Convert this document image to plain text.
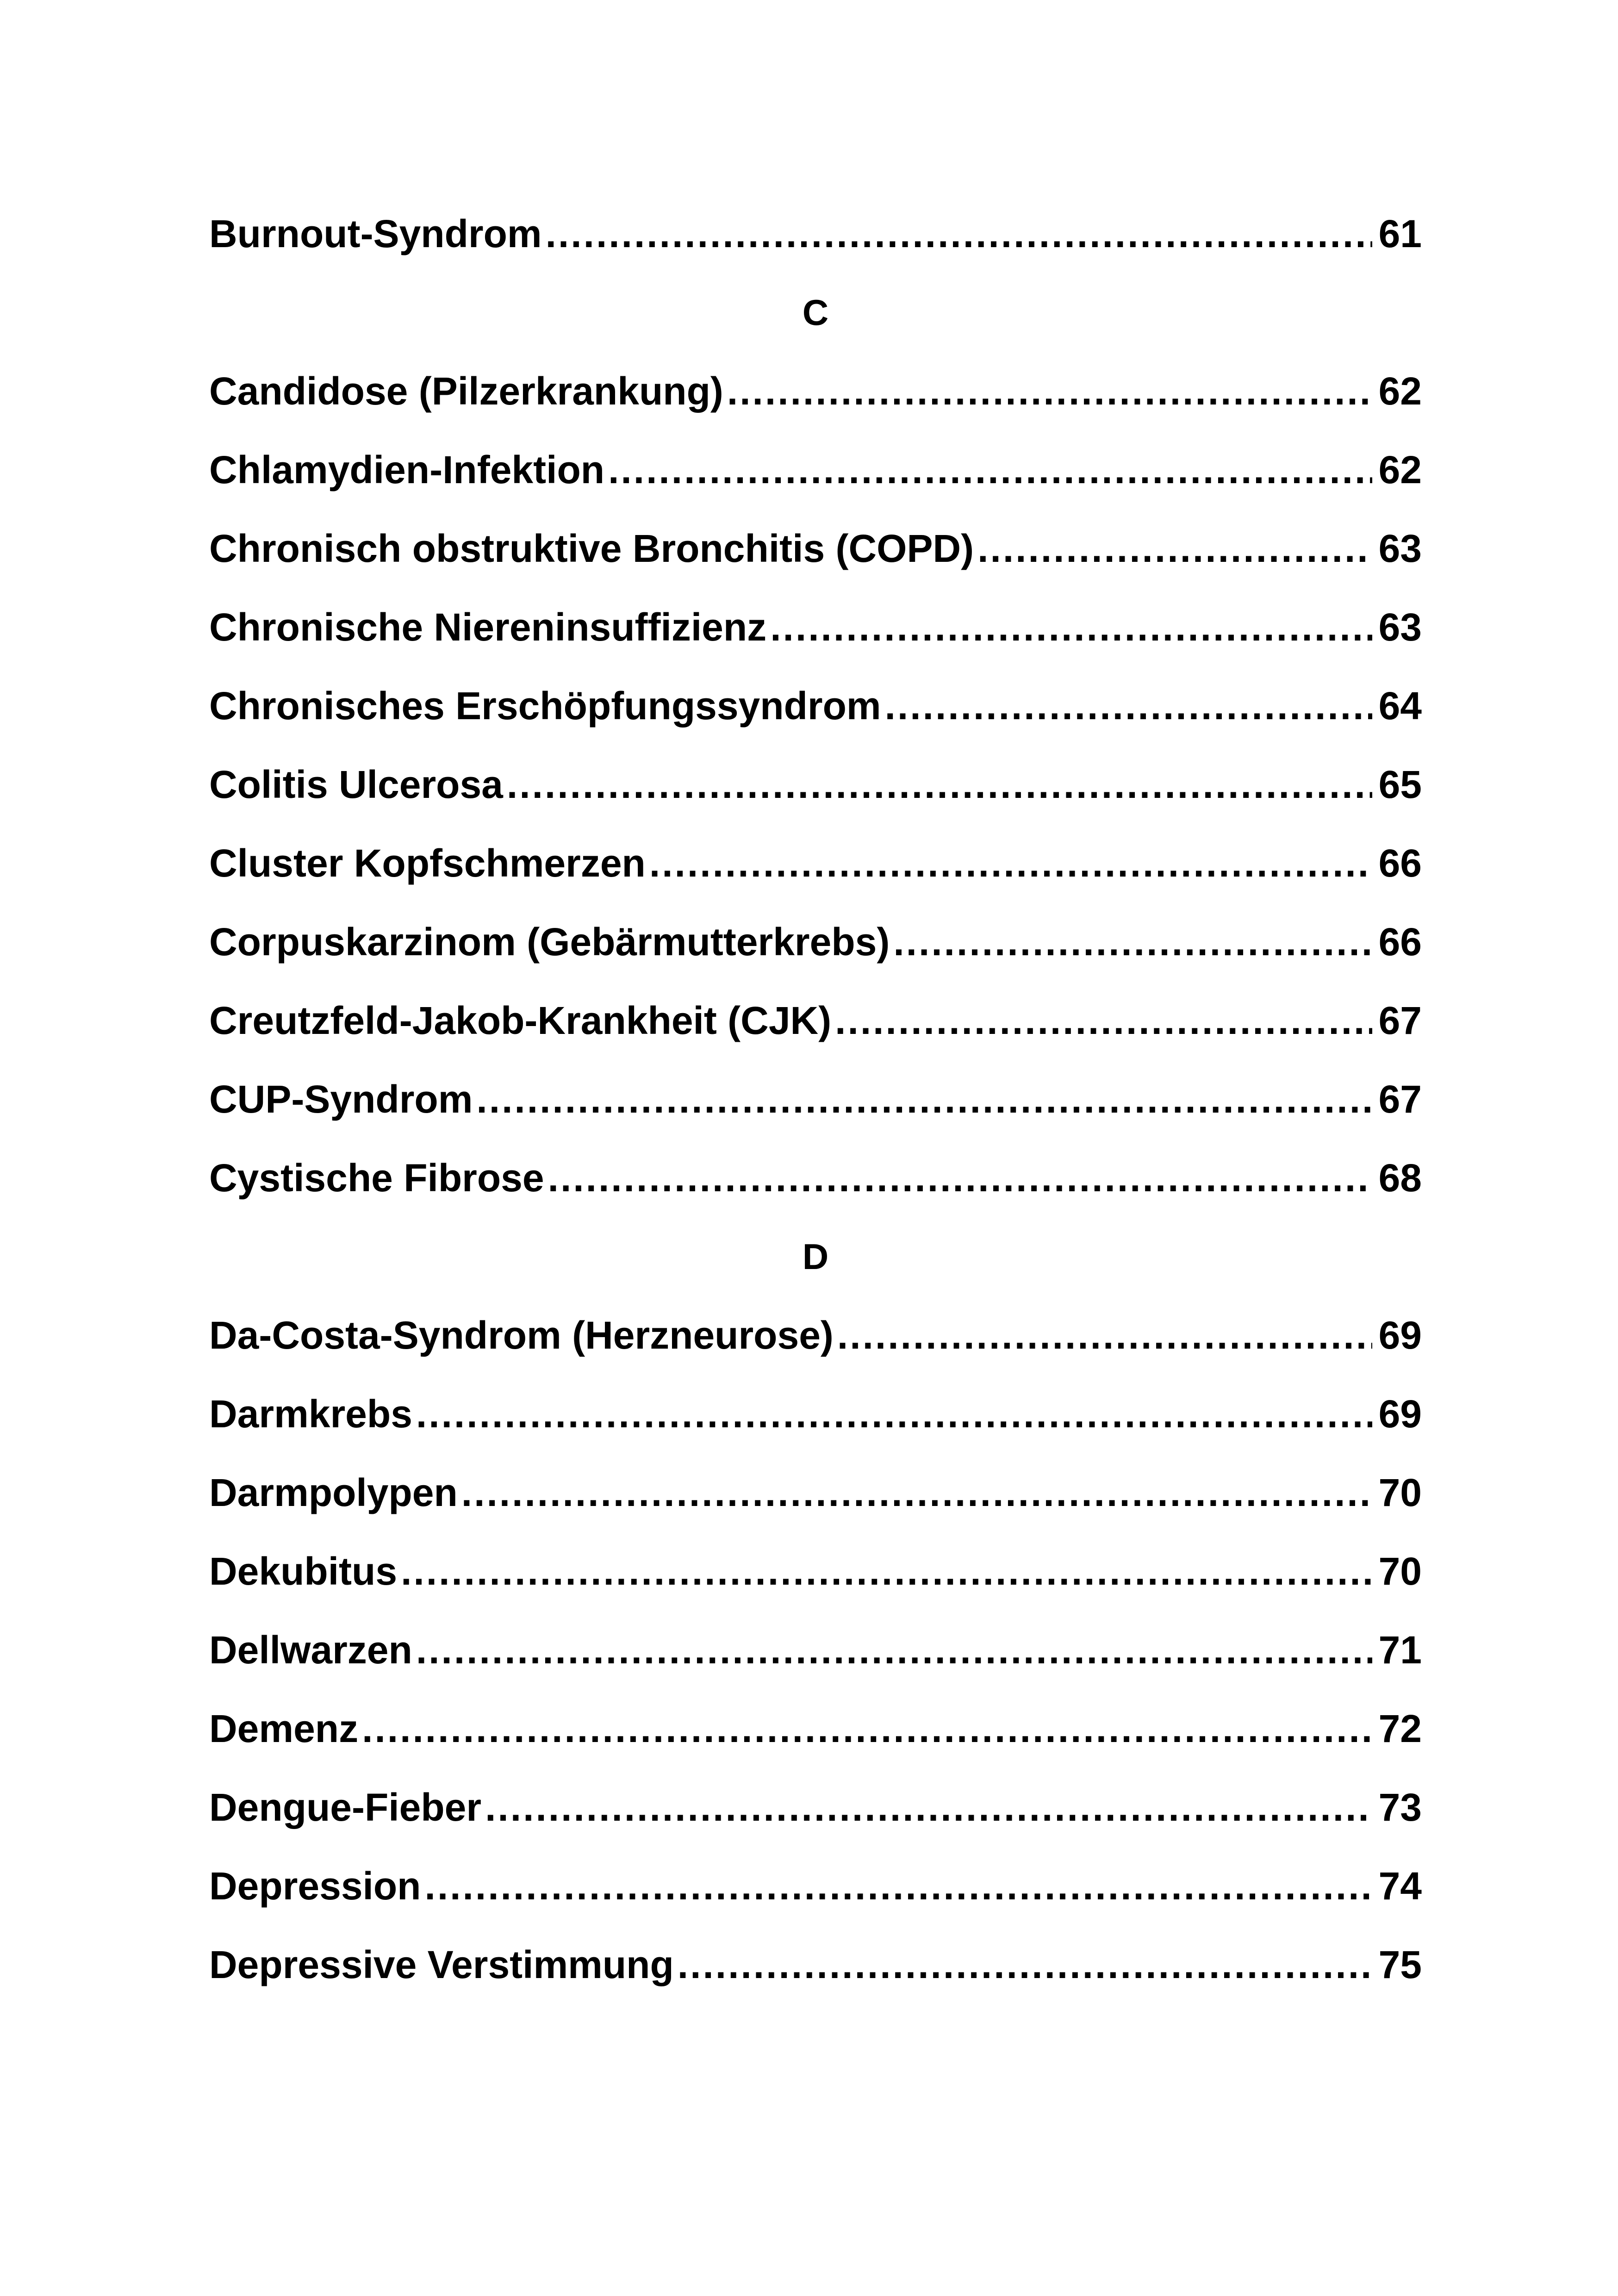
Burnout-Syndrom .....	61
C
Candidose (Pilzerkrankung) .....	62
Chlamydien-Infektion .....	62
Chronisch obstruktive Bronchitis (COPD) .....	63
Chronische Niereninsuffizienz .....	63
Chronisches Erschöpfungssyndrom .....	64
Colitis Ulcerosa .....	65
Cluster Kopfschmerzen .....	66
Corpuskarzinom (Gebärmutterkrebs) .....	66
Creutzfeld-Jakob-Krankheit (CJK) .....	67
CUP-Syndrom .....	67
Cystische Fibrose .....	68
D
Da-Costa-Syndrom (Herzneurose) .....	69
Darmkrebs .....	69
Darmpolypen .....	70
Dekubitus .....	70
Dellwarzen .....	71
Demenz .....	72
Dengue-Fieber .....	73
Depression .....	74
Depressive Verstimmung .....	75
